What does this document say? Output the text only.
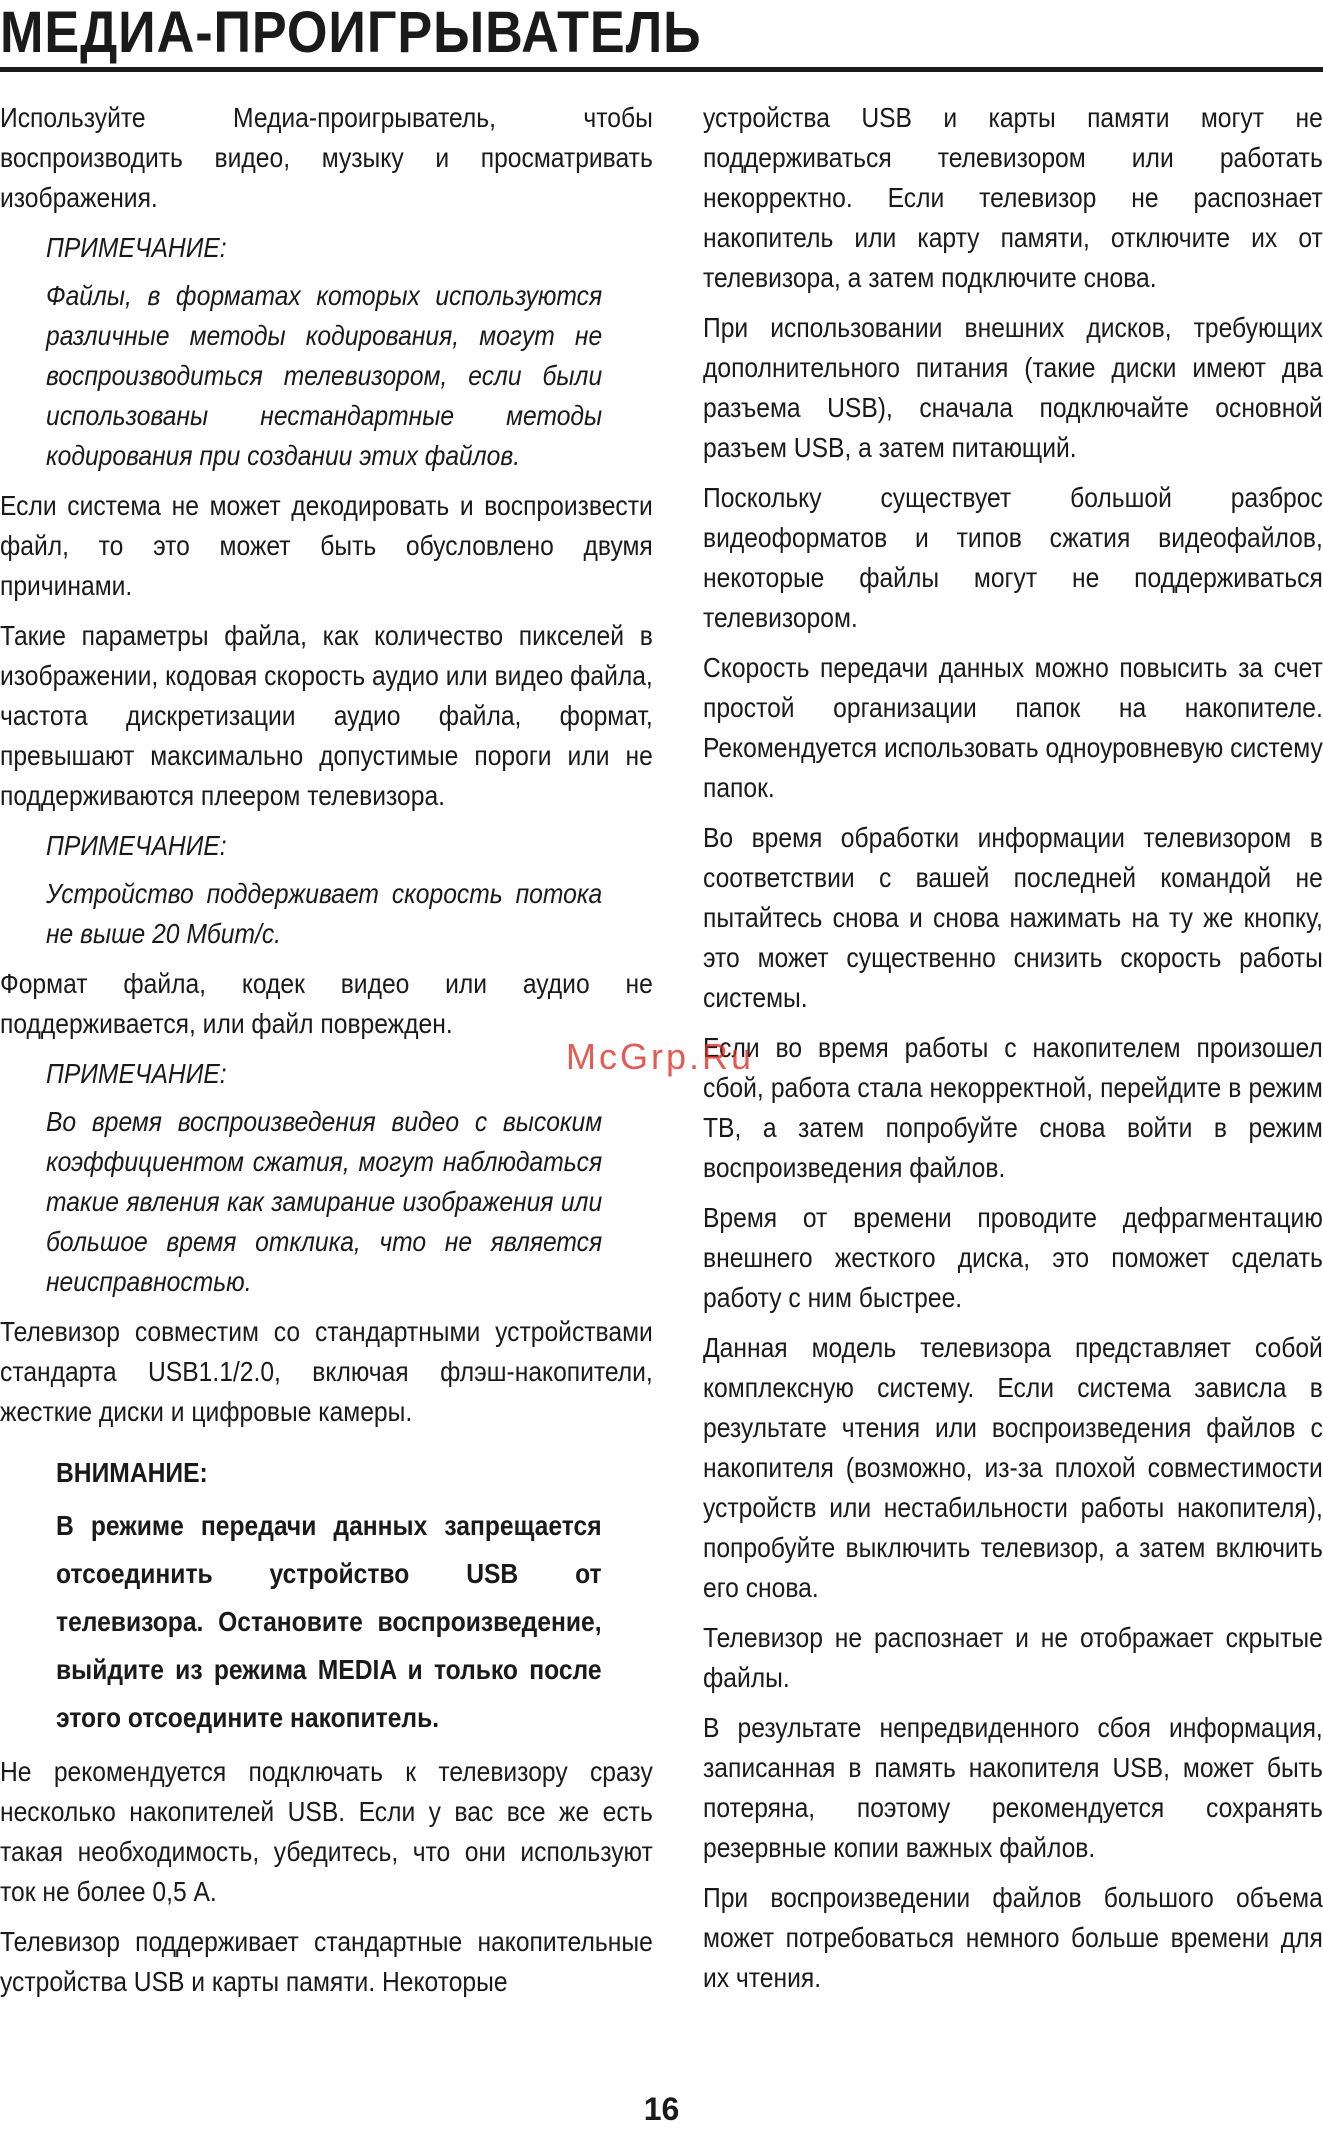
МЕДИА-ПРОИГРЫВАТЕЛЬ

Используйте Медиа-проигрыватель, чтобы воспроизводить видео, музыку и просматривать изображения.

ПРИМЕЧАНИЕ:

Файлы, в форматах которых используются различные методы кодирования, могут не воспроизводиться телевизором, если были использованы нестандартные методы кодирования при создании этих файлов.

Если система не может декодировать и воспроизвести файл, то это может быть обусловлено двумя причинами.

Такие параметры файла, как количество пикселей в изображении, кодовая скорость аудио или видео файла, частота дискретизации аудио файла, формат, превышают максимально допустимые пороги или не поддерживаются плеером телевизора.

ПРИМЕЧАНИЕ:

Устройство поддерживает скорость потока не выше 20 Мбит/с.

Формат файла, кодек видео или аудио не поддерживается, или файл поврежден.

ПРИМЕЧАНИЕ:

Во время воспроизведения видео с высоким коэффициентом сжатия, могут наблюдаться такие явления как замирание изображения или большое время отклика, что не является неисправностью.

Телевизор совместим со стандартными устройствами стандарта USB1.1/2.0, включая флэш-накопители, жесткие диски и цифровые камеры.

ВНИМАНИЕ:

В режиме передачи данных запрещается отсоединить устройство USB от телевизора. Остановите воспроизведение, выйдите из режима MEDIA и только после этого отсоедините накопитель.

Не рекомендуется подключать к телевизору сразу несколько накопителей USB. Если у вас все же есть такая необходимость, убедитесь, что они используют ток не более 0,5 А.

Телевизор поддерживает стандартные накопительные устройства USB и карты памяти. Некоторые

устройства USB и карты памяти могут не поддерживаться телевизором или работать некорректно. Если телевизор не распознает накопитель или карту памяти, отключите их от телевизора, а затем подключите снова.

При использовании внешних дисков, требующих дополнительного питания (такие диски имеют два разъема USB), сначала подключайте основной разъем USB, а затем питающий.

Поскольку существует большой разброс видеоформатов и типов сжатия видеофайлов, некоторые файлы могут не поддерживаться телевизором.

Скорость передачи данных можно повысить за счет простой организации папок на накопителе. Рекомендуется использовать одноуровневую систему папок.

Во время обработки информации телевизором в соответствии с вашей последней командой не пытайтесь снова и снова нажимать на ту же кнопку, это может существенно снизить скорость работы системы.

Если во время работы с накопителем произошел сбой, работа стала некорректной, перейдите в режим ТВ, а затем попробуйте снова войти в режим воспроизведения файлов.

Время от времени проводите дефрагментацию внешнего жесткого диска, это поможет сделать работу с ним быстрее.

Данная модель телевизора представляет собой комплексную систему. Если система зависла в результате чтения или воспроизведения файлов с накопителя (возможно, из-за плохой совместимости устройств или нестабильности работы накопителя), попробуйте выключить телевизор, а затем включить его снова.

Телевизор не распознает и не отображает скрытые файлы.

В результате непредвиденного сбоя информация, записанная в память накопителя USB, может быть потеряна, поэтому рекомендуется сохранять резервные копии важных файлов.

При воспроизведении файлов большого объема может потребоваться немного больше времени для их чтения.

McGrp.Ru
16
